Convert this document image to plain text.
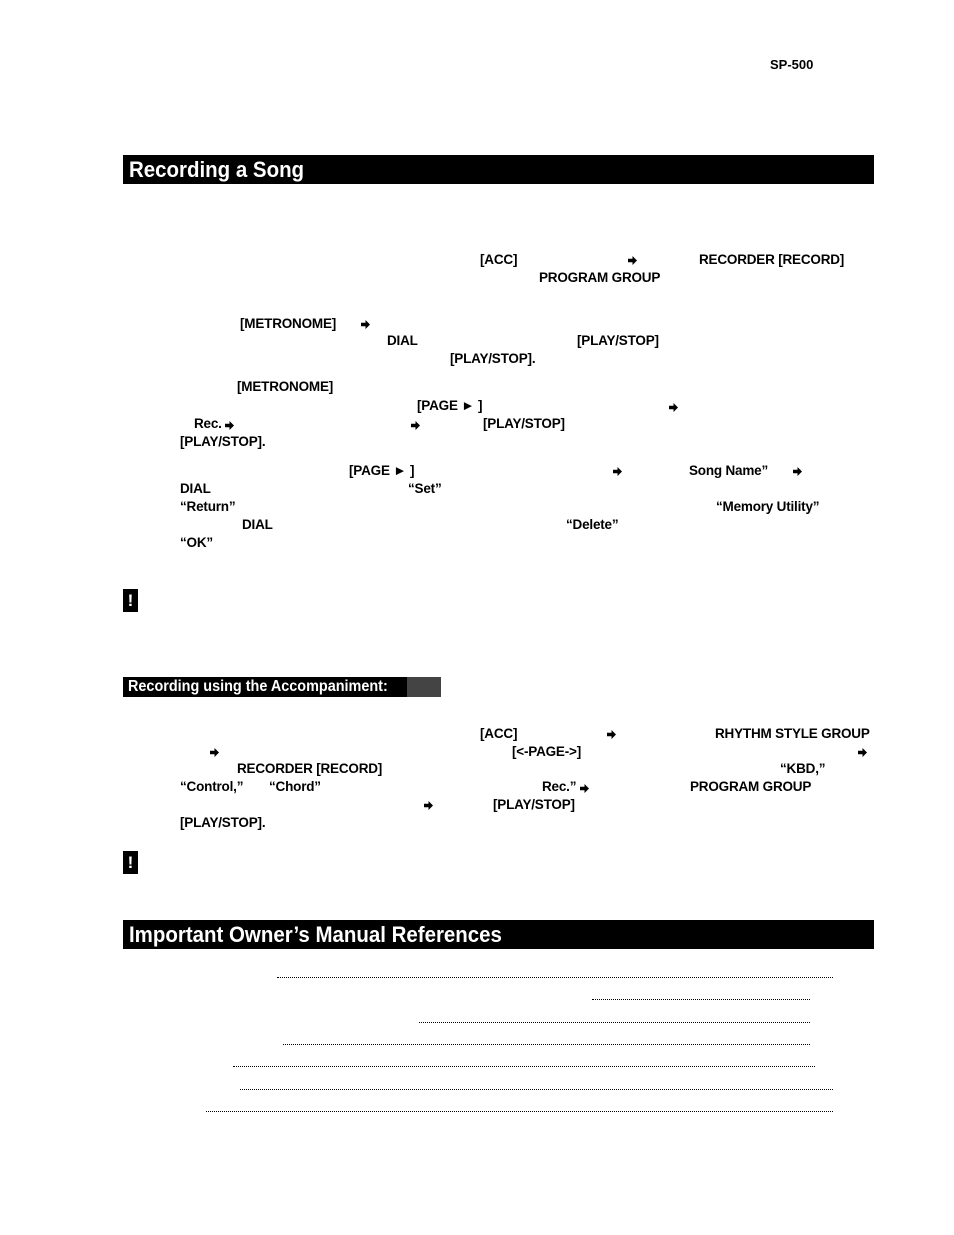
SP-500
Recording a Song
[ACC]	RECORDER [RECORD]
PROGRAM GROUP
[METRONOME]
DIAL	[PLAY/STOP]
[PLAY/STOP].
[METRONOME]
[PAGE ► ]
Rec.	[PLAY/STOP]
[PLAY/STOP].
[PAGE ► ]	Song Name”
DIAL	“Set”
“Return”	“Memory Utility”
DIAL	“Delete”
“OK”
!
Recording using the Accompaniment:
[ACC]	RHYTHM STYLE GROUP
[<-PAGE->]
RECORDER [RECORD]	“KBD,”
“Control,” “Chord”	Rec.”	PROGRAM GROUP
[PLAY/STOP]
[PLAY/STOP].
!
Important Owner’s Manual References
